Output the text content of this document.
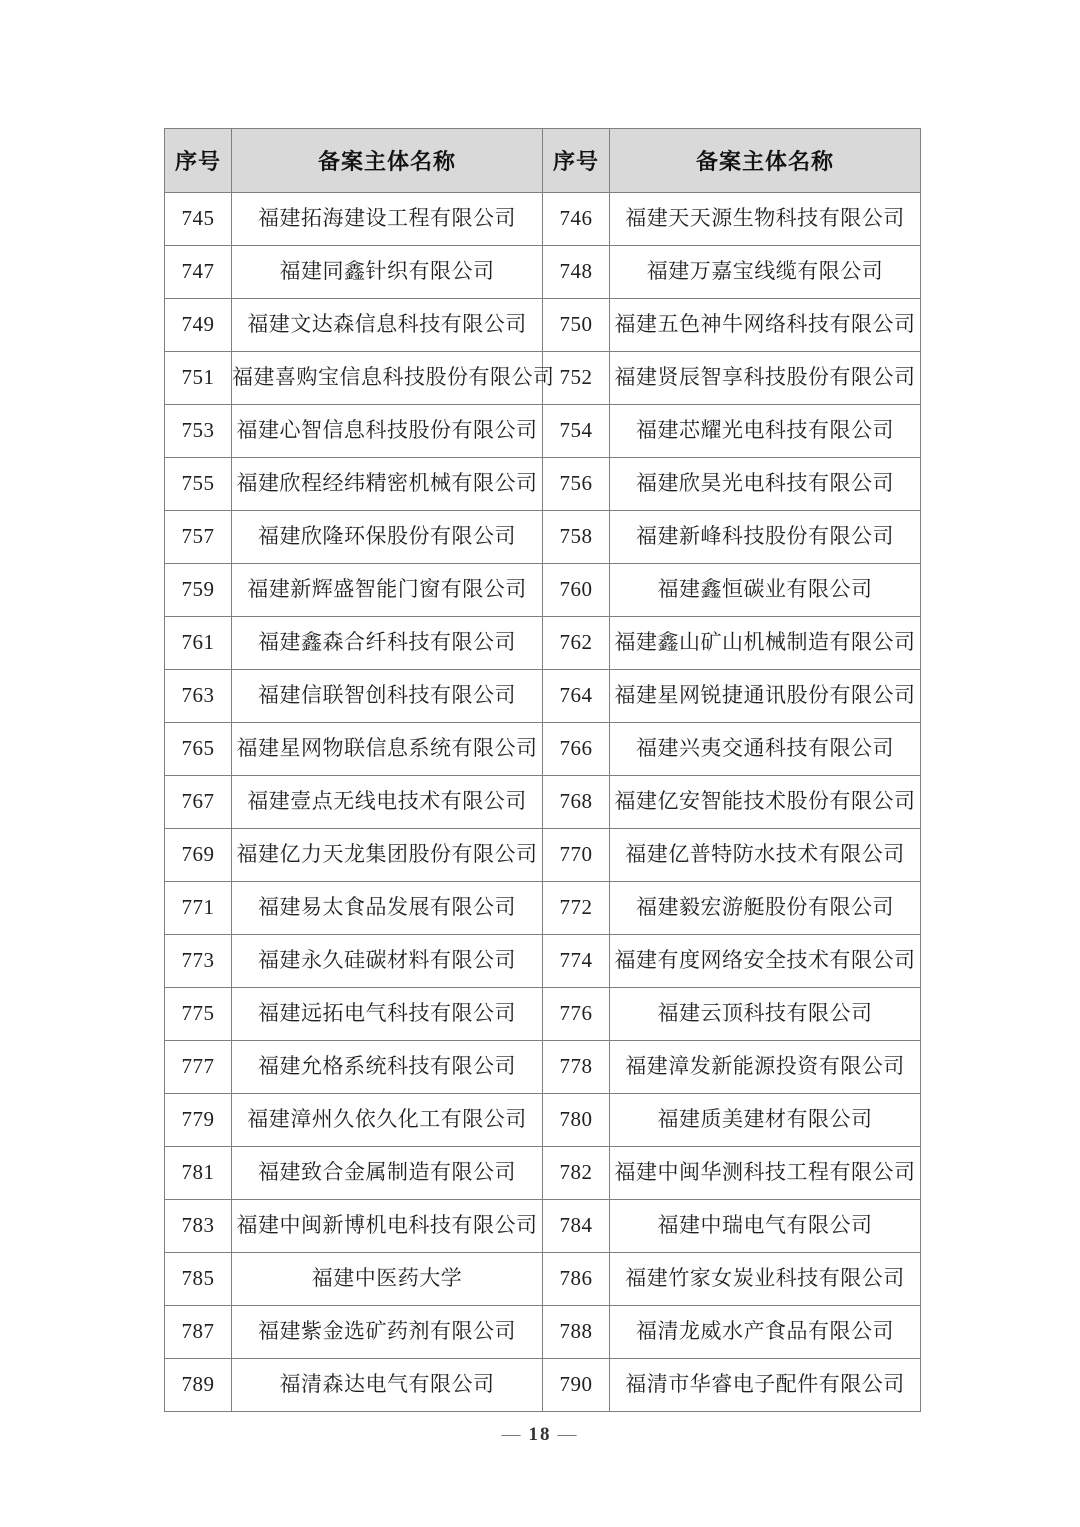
序号	备案主体名称	序号	备案主体名称
745	福建拓海建设工程有限公司	746	福建天天源生物科技有限公司
747	福建同鑫针织有限公司	748	福建万嘉宝线缆有限公司
749	福建文达森信息科技有限公司	750	福建五色神牛网络科技有限公司
751	福建喜购宝信息科技股份有限公司	752	福建贤辰智享科技股份有限公司
753	福建心智信息科技股份有限公司	754	福建芯耀光电科技有限公司
755	福建欣程经纬精密机械有限公司	756	福建欣昊光电科技有限公司
757	福建欣隆环保股份有限公司	758	福建新峰科技股份有限公司
759	福建新辉盛智能门窗有限公司	760	福建鑫恒碳业有限公司
761	福建鑫森合纤科技有限公司	762	福建鑫山矿山机械制造有限公司
763	福建信联智创科技有限公司	764	福建星网锐捷通讯股份有限公司
765	福建星网物联信息系统有限公司	766	福建兴夷交通科技有限公司
767	福建壹点无线电技术有限公司	768	福建亿安智能技术股份有限公司
769	福建亿力天龙集团股份有限公司	770	福建亿普特防水技术有限公司
771	福建易太食品发展有限公司	772	福建毅宏游艇股份有限公司
773	福建永久硅碳材料有限公司	774	福建有度网络安全技术有限公司
775	福建远拓电气科技有限公司	776	福建云顶科技有限公司
777	福建允格系统科技有限公司	778	福建漳发新能源投资有限公司
779	福建漳州久依久化工有限公司	780	福建质美建材有限公司
781	福建致合金属制造有限公司	782	福建中闽华测科技工程有限公司
783	福建中闽新博机电科技有限公司	784	福建中瑞电气有限公司
785	福建中医药大学	786	福建竹家女炭业科技有限公司
787	福建紫金选矿药剂有限公司	788	福清龙威水产食品有限公司
789	福清森达电气有限公司	790	福清市华睿电子配件有限公司
— 18 —
